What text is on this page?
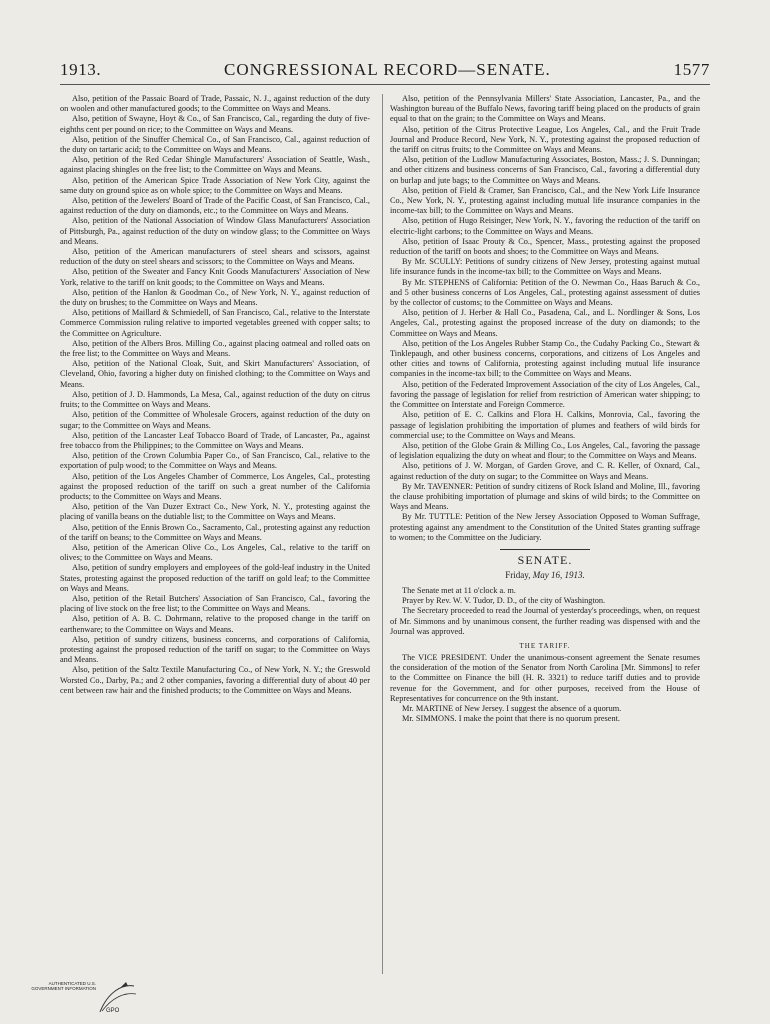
1913.	CONGRESSIONAL RECORD—SENATE.	1577

Also, petition of the Passaic Board of Trade, Passaic, N. J., against reduction of the duty on woolen and other manufactured goods; to the Committee on Ways and Means.

Also, petition of Swayne, Hoyt & Co., of San Francisco, Cal., regarding the duty of five-eighths cent per pound on rice; to the Committee on Ways and Means.

Also, petition of the Sinuffer Chemical Co., of San Francisco, Cal., against reduction of the duty on tartaric acid; to the Committee on Ways and Means.

Also, petition of the Red Cedar Shingle Manufacturers' Association of Seattle, Wash., against placing shingles on the free list; to the Committee on Ways and Means.

Also, petition of the American Spice Trade Association of New York City, against the same duty on ground spice as on whole spice; to the Committee on Ways and Means.

Also, petition of the Jewelers' Board of Trade of the Pacific Coast, of San Francisco, Cal., against reduction of the duty on diamonds, etc.; to the Committee on Ways and Means.

Also, petition of the National Association of Window Glass Manufacturers' Association of Pittsburgh, Pa., against reduction of the duty on window glass; to the Committee on Ways and Means.

Also, petition of the American manufacturers of steel shears and scissors, against reduction of the duty on steel shears and scissors; to the Committee on Ways and Means.

Also, petition of the Sweater and Fancy Knit Goods Manufacturers' Association of New York, relative to the tariff on knit goods; to the Committee on Ways and Means.

Also, petition of the Hanlon & Goodman Co., of New York, N. Y., against reduction of the duty on brushes; to the Committee on Ways and Means.

Also, petitions of Maillard & Schmiedell, of San Francisco, Cal., relative to the Interstate Commerce Commission ruling relative to imported vegetables greened with copper salts; to the Committee on Agriculture.

Also, petition of the Albers Bros. Milling Co., against placing oatmeal and rolled oats on the free list; to the Committee on Ways and Means.

Also, petition of the National Cloak, Suit, and Skirt Manufacturers' Association, of Cleveland, Ohio, favoring a higher duty on finished clothing; to the Committee on Ways and Means.

Also, petition of J. D. Hammonds, La Mesa, Cal., against reduction of the duty on citrus fruits; to the Committee on Ways and Means.

Also, petition of the Committee of Wholesale Grocers, against reduction of the duty on sugar; to the Committee on Ways and Means.

Also, petition of the Lancaster Leaf Tobacco Board of Trade, of Lancaster, Pa., against free tobacco from the Philippines; to the Committee on Ways and Means.

Also, petition of the Crown Columbia Paper Co., of San Francisco, Cal., relative to the exportation of pulp wood; to the Committee on Ways and Means.

Also, petition of the Los Angeles Chamber of Commerce, Los Angeles, Cal., protesting against the proposed reduction of the tariff on such a great number of the California products; to the Committee on Ways and Means.

Also, petition of the Van Duzer Extract Co., New York, N. Y., protesting against the placing of vanilla beans on the dutiable list; to the Committee on Ways and Means.

Also, petition of the Ennis Brown Co., Sacramento, Cal., protesting against any reduction of the tariff on beans; to the Committee on Ways and Means.

Also, petition of the American Olive Co., Los Angeles, Cal., relative to the tariff on olives; to the Committee on Ways and Means.

Also, petition of sundry employers and employees of the gold-leaf industry in the United States, protesting against the proposed reduction of the tariff on gold leaf; to the Committee on Ways and Means.

Also, petition of the Retail Butchers' Association of San Francisco, Cal., favoring the placing of live stock on the free list; to the Committee on Ways and Means.

Also, petition of A. B. C. Dohrmann, relative to the proposed change in the tariff on earthenware; to the Committee on Ways and Means.

Also, petition of sundry citizens, business concerns, and corporations of California, protesting against the proposed reduction of the tariff on sugar; to the Committee on Ways and Means.

Also, petition of the Saltz Textile Manufacturing Co., of New York, N. Y.; the Greswold Worsted Co., Darby, Pa.; and 2 other companies, favoring a differential duty of about 40 per cent between raw hair and the finished products; to the Committee on Ways and Means.

Also, petition of the Pennsylvania Millers' State Association, Lancaster, Pa., and the Washington bureau of the Buffalo News, favoring tariff being placed on the products of grain equal to that on the grain; to the Committee on Ways and Means.

Also, petition of the Citrus Protective League, Los Angeles, Cal., and the Fruit Trade Journal and Produce Record, New York, N. Y., protesting against the proposed reduction of the tariff on citrus fruits; to the Committee on Ways and Means.

Also, petition of the Ludlow Manufacturing Associates, Boston, Mass.; J. S. Dunningan; and other citizens and business concerns of San Francisco, Cal., favoring a differential duty on burlap and jute bags; to the Committee on Ways and Means.

Also, petition of Field & Cramer, San Francisco, Cal., and the New York Life Insurance Co., New York, N. Y., protesting against including mutual life insurance companies in the income-tax bill; to the Committee on Ways and Means.

Also, petition of Hugo Reisinger, New York, N. Y., favoring the reduction of the tariff on electric-light carbons; to the Committee on Ways and Means.

Also, petition of Isaac Prouty & Co., Spencer, Mass., protesting against the proposed reduction of the tariff on boots and shoes; to the Committee on Ways and Means.

By Mr. SCULLY: Petitions of sundry citizens of New Jersey, protesting against mutual life insurance funds in the income-tax bill; to the Committee on Ways and Means.

By Mr. STEPHENS of California: Petition of the O. Newman Co., Haas Baruch & Co., and 5 other business concerns of Los Angeles, Cal., protesting against assessment of duties by the collector of customs; to the Committee on Ways and Means.

Also, petition of J. Herber & Hall Co., Pasadena, Cal., and L. Nordlinger & Sons, Los Angeles, Cal., protesting against the proposed increase of the duty on diamonds; to the Committee on Ways and Means.

Also, petition of the Los Angeles Rubber Stamp Co., the Cudahy Packing Co., Stewart & Tinklepaugh, and other business concerns, corporations, and citizens of Los Angeles and other cities and towns of California, protesting against including mutual life insurance companies in the income-tax bill; to the Committee on Ways and Means.

Also, petition of the Federated Improvement Association of the city of Los Angeles, Cal., favoring the passage of legislation for relief from restriction of American water shipping; to the Committee on Interstate and Foreign Commerce.

Also, petition of E. C. Calkins and Flora H. Calkins, Monrovia, Cal., favoring the passage of legislation prohibiting the importation of plumes and feathers of wild birds for commercial use; to the Committee on Ways and Means.

Also, petition of the Globe Grain & Milling Co., Los Angeles, Cal., favoring the passage of legislation equalizing the duty on wheat and flour; to the Committee on Ways and Means.

Also, petitions of J. W. Morgan, of Garden Grove, and C. R. Keller, of Oxnard, Cal., against reduction of the duty on sugar; to the Committee on Ways and Means.

By Mr. TAVENNER: Petition of sundry citizens of Rock Island and Moline, Ill., favoring the clause prohibiting importation of plumage and skins of wild birds; to the Committee on Ways and Means.

By Mr. TUTTLE: Petition of the New Jersey Association Opposed to Woman Suffrage, protesting against any amendment to the Constitution of the United States granting suffrage to women; to the Committee on the Judiciary.

SENATE.
Friday, May 16, 1913.

The Senate met at 11 o'clock a. m.

Prayer by Rev. W. V. Tudor, D. D., of the city of Washington.

The Secretary proceeded to read the Journal of yesterday's proceedings, when, on request of Mr. Simmons and by unanimous consent, the further reading was dispensed with and the Journal was approved.

THE TARIFF.

The VICE PRESIDENT. Under the unanimous-consent agreement the Senate resumes the consideration of the motion of the Senator from North Carolina [Mr. Simmons] to refer to the Committee on Finance the bill (H. R. 3321) to reduce tariff duties and to provide revenue for the Government, and for other purposes, received from the House of Representatives for concurrence on the 9th instant.

Mr. MARTINE of New Jersey. I suggest the absence of a quorum.

Mr. SIMMONS. I make the point that there is no quorum present.

AUTHENTICATED U.S. GOVERNMENT INFORMATION
GPO
